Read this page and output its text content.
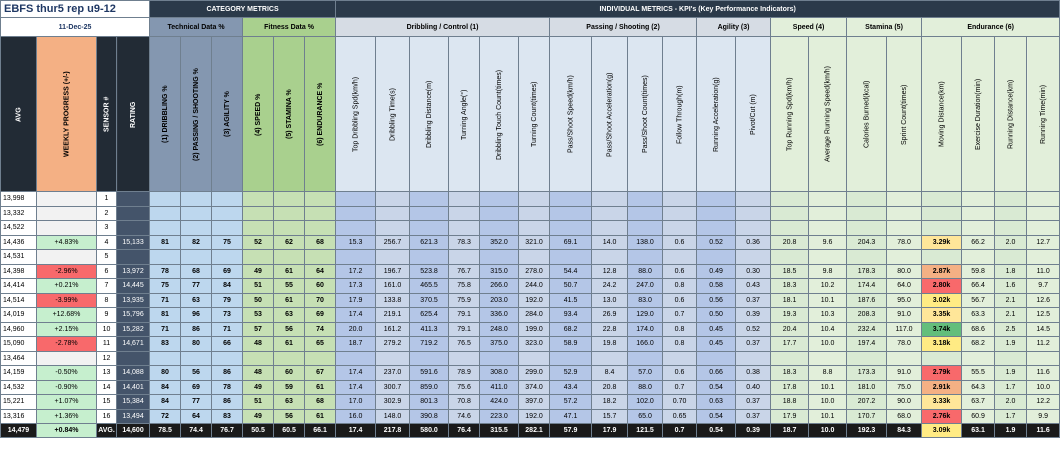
EBFS thur5 rep u9-12				CATEGORY METRICS						INDIVIDUAL METRICS - KPI's (Key Performance Indicators)																			
11-Dec-25				Technical Data %			Fitness Data %			Dribbling / Control (1)						Passing / Shooting (2)				Agility (3)		Speed (4)		Stamina (5)		Endurance (6)			
AVG	WEEKLY PROGRESS (+/-)	SENSOR #	RATING	(1) DRIBBLING %	(2) PASSING / SHOOTING %	(3) AGILITY %	(4) SPEED %	(5) STAMINA %	(6) ENDURANCE %	Top Dribbling Spd(km/h)	Dribbling Time(s)	Dribbling Distance(m)	Turning Angle(°)	Dribbling Touch Count(times)	Turning Count(times)	Pass/Shoot Speed(km/h)	Pass/Shoot Acceleration(g)	Pass/Shoot Count(times)	Follow Through(m)	Running Acceleration(g)	Pivot/Cut (m)	Top Running Spd(km/h)	Average Running Speed(km/h)	Calories Burned(kcal)	Sprint Count(times)	Moving Distance(km)	Exercise Duration(min)	Running Distance(km)	Running Time(min)
13,998		1																											
13,332		2																											
14,522		3																											
14,436	+4.83%	4	15,133	81	82	75	52	62	68	15.3	256.7	621.3	78.3	352.0	321.0	69.1	14.0	138.0	0.6	0.52	0.36	20.8	9.6	204.3	78.0	3.29k	66.2	2.0	12.7
14,531		5																											
14,398	-2.96%	6	13,972	78	68	69	49	61	64	17.2	196.7	523.8	76.7	315.0	278.0	54.4	12.8	88.0	0.6	0.49	0.30	18.5	9.8	178.3	80.0	2.87k	59.8	1.8	11.0
14,414	+0.21%	7	14,445	75	77	84	51	55	60	17.3	161.0	465.5	75.8	266.0	244.0	50.7	24.2	247.0	0.8	0.58	0.43	18.3	10.2	174.4	64.0	2.80k	66.4	1.6	9.7
14,514	-3.99%	8	13,935	71	63	79	50	61	70	17.9	133.8	370.5	75.9	203.0	192.0	41.5	13.0	83.0	0.6	0.56	0.37	18.1	10.1	187.6	95.0	3.02k	56.7	2.1	12.6
14,019	+12.68%	9	15,796	81	96	73	53	63	69	17.4	219.1	625.4	79.1	336.0	284.0	93.4	26.9	129.0	0.7	0.50	0.39	19.3	10.3	208.3	91.0	3.35k	63.3	2.1	12.5
14,960	+2.15%	10	15,282	71	86	71	57	56	74	20.0	161.2	411.3	79.1	248.0	199.0	68.2	22.8	174.0	0.8	0.45	0.52	20.4	10.4	232.4	117.0	3.74k	68.6	2.5	14.5
15,090	-2.78%	11	14,671	83	80	66	48	61	65	18.7	279.2	719.2	76.5	375.0	323.0	58.9	19.8	166.0	0.8	0.45	0.37	17.7	10.0	197.4	78.0	3.18k	68.2	1.9	11.2
13,464		12																											
14,159	-0.50%	13	14,088	80	56	86	48	60	67	17.4	237.0	591.6	78.9	308.0	299.0	52.9	8.4	57.0	0.6	0.66	0.38	18.3	8.8	173.3	91.0	2.79k	55.5	1.9	11.6
14,532	-0.90%	14	14,401	84	69	78	49	59	61	17.4	300.7	859.0	75.6	411.0	374.0	43.4	20.8	88.0	0.7	0.54	0.40	17.8	10.1	181.0	75.0	2.91k	64.3	1.7	10.0
15,221	+1.07%	15	15,384	84	77	86	51	63	68	17.0	302.9	801.3	70.8	424.0	397.0	57.2	18.2	102.0	0.70	0.63	0.37	18.8	10.0	207.2	90.0	3.33k	63.7	2.0	12.2
13,316	+1.36%	16	13,494	72	64	83	49	56	61	16.0	148.0	390.8	74.6	223.0	192.0	47.1	15.7	65.0	0.65	0.54	0.37	17.9	10.1	170.7	68.0	2.76k	60.9	1.7	9.9
14,479	+0.84%	AVG.	14,600	78.5	74.4	76.7	50.5	60.5	66.1	17.4	217.8	580.0	76.4	315.5	282.1	57.9	17.9	121.5	0.7	0.54	0.39	18.7	10.0	192.3	84.3	3.09k	63.1	1.9	11.6
